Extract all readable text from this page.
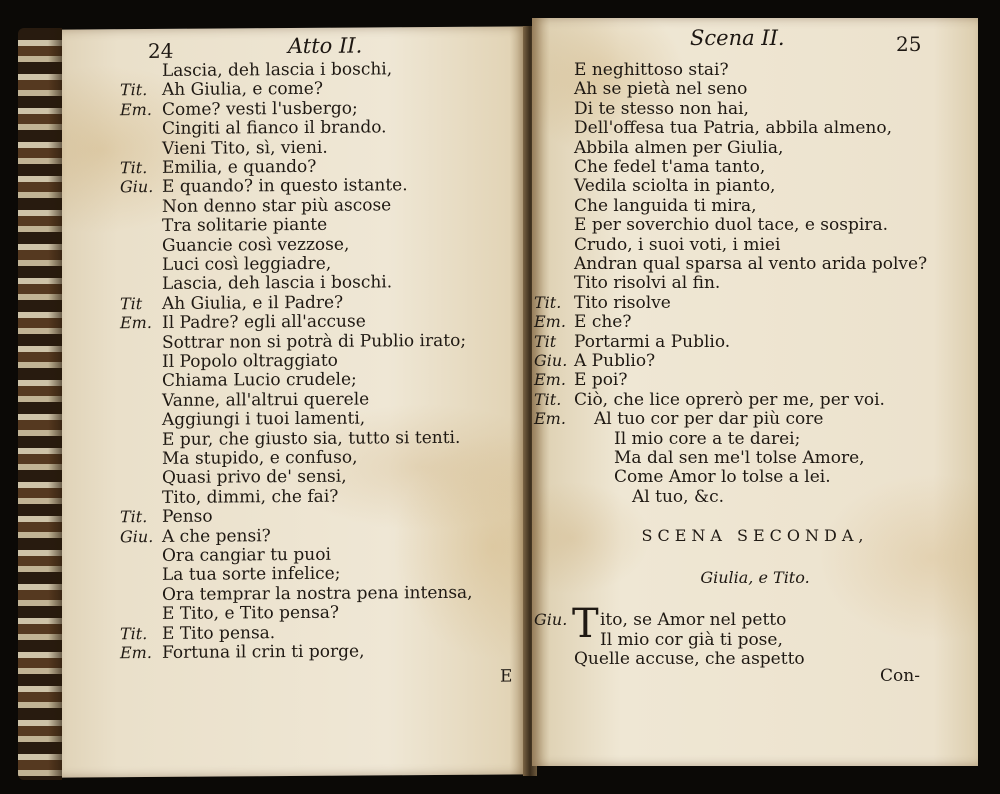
24	Atto II.
Lascia, deh lascia i boschi,
Tit. Ah Giulia, e come?
Em. Come? vesti l'usbergo;
Cingiti al fianco il brando.
Vieni Tito, sì, vieni.
Tit. Emilia, e quando?
Giu. E quando? in questo istante.
Non denno star più ascose
Tra solitarie piante
Guancie così vezzose,
Luci così leggiadre,
Lascia, deh lascia i boschi.
Tit Ah Giulia, e il Padre?
Em. Il Padre? egli all'accuse
Sottrar non si potrà di Publio irato;
Il Popolo oltraggiato
Chiama Lucio crudele;
Vanne, all'altrui querele
Aggiungi i tuoi lamenti,
E pur, che giusto sia, tutto si tenti.
Ma stupido, e confuso,
Quasi privo de' sensi,
Tito, dimmi, che fai?
Tit. Penso
Giu. A che pensi?
Ora cangiar tu puoi
La tua sorte infelice;
Ora temprar la nostra pena intensa,
E Tito, e Tito pensa?
Tit. E Tito pensa.
Em. Fortuna il crin ti porge,
E
Scena II.	25
E neghittoso stai?
Ah se pietà nel seno
Di te stesso non hai,
Dell'offesa tua Patria, abbila almeno,
Abbila almen per Giulia,
Che fedel t'ama tanto,
Vedila sciolta in pianto,
Che languida ti mira,
E per soverchio duol tace, e sospira.
Crudo, i suoi voti, i miei
Andran qual sparsa al vento arida polve?
Tito risolvi al fin.
Tit. Tito risolve
Em. E che?
Tit Portarmi a Publio.
Giu. A Publio?
Em. E poi?
Tit. Ciò, che lice oprerò per me, per voi.
Em. Al tuo cor per dar più core
Il mio core a te darei;
Ma dal sen me'l tolse Amore,
Come Amor lo tolse a lei.
Al tuo, &c.
SCENA SECONDA,
Giulia, e Tito.
Giu. T ito, se Amor nel petto
Il mio cor già ti pose,
Quelle accuse, che aspetto
Con-
